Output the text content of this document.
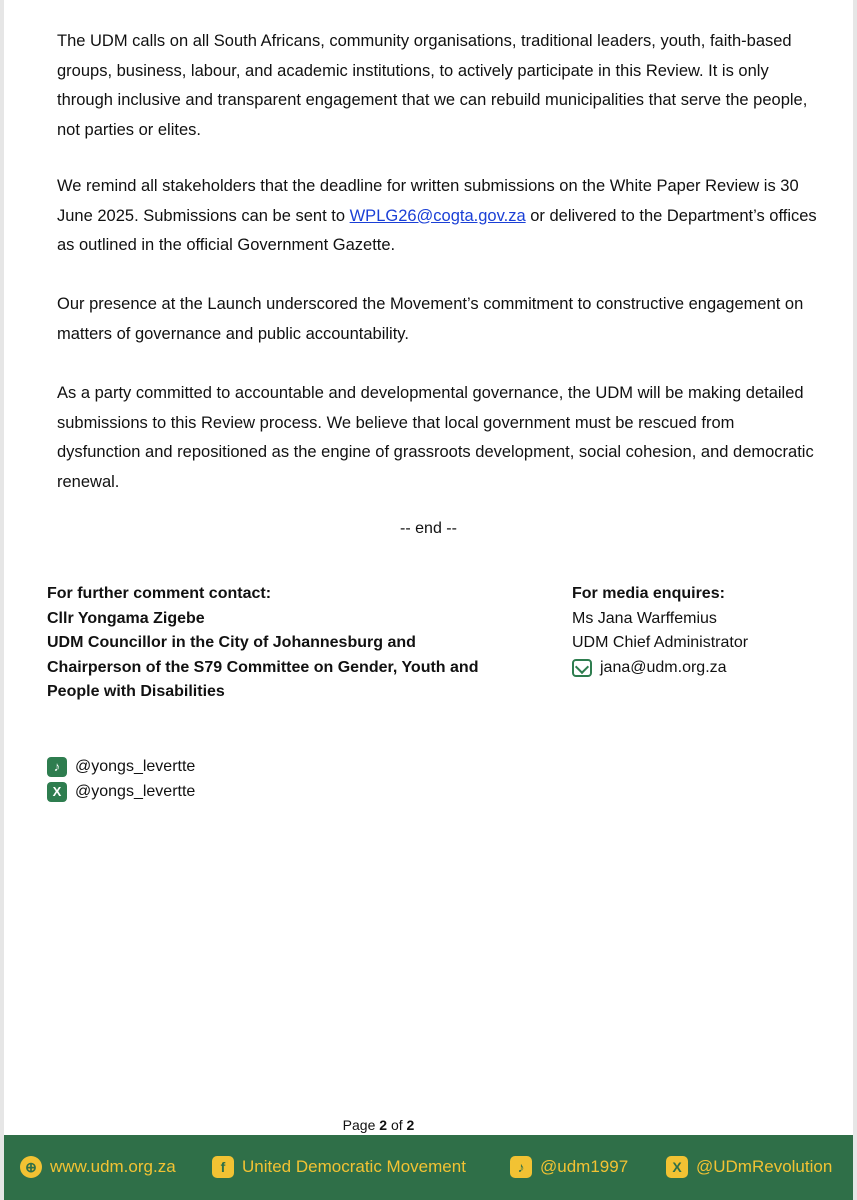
The UDM calls on all South Africans, community organisations, traditional leaders, youth, faith-based groups, business, labour, and academic institutions, to actively participate in this Review. It is only through inclusive and transparent engagement that we can rebuild municipalities that serve the people, not parties or elites.

We remind all stakeholders that the deadline for written submissions on the White Paper Review is 30 June 2025. Submissions can be sent to WPLG26@cogta.gov.za or delivered to the Department’s offices as outlined in the official Government Gazette.

Our presence at the Launch underscored the Movement’s commitment to constructive engagement on matters of governance and public accountability.

As a party committed to accountable and developmental governance, the UDM will be making detailed submissions to this Review process. We believe that local government must be rescued from dysfunction and repositioned as the engine of grassroots development, social cohesion, and democratic renewal.

-- end --
For further comment contact:
Cllr Yongama Zigebe
UDM Councillor in the City of Johannesburg and
Chairperson of the S79 Committee on Gender, Youth and
People with Disabilities
For media enquires:
Ms Jana Warffemius
UDM Chief Administrator
jana@udm.org.za
♪ @yongs_levertte
X @yongs_levertte
Page 2 of 2
⊕ www.udm.org.za	f United Democratic Movement	♪ @udm1997	X @UDmRevolution
